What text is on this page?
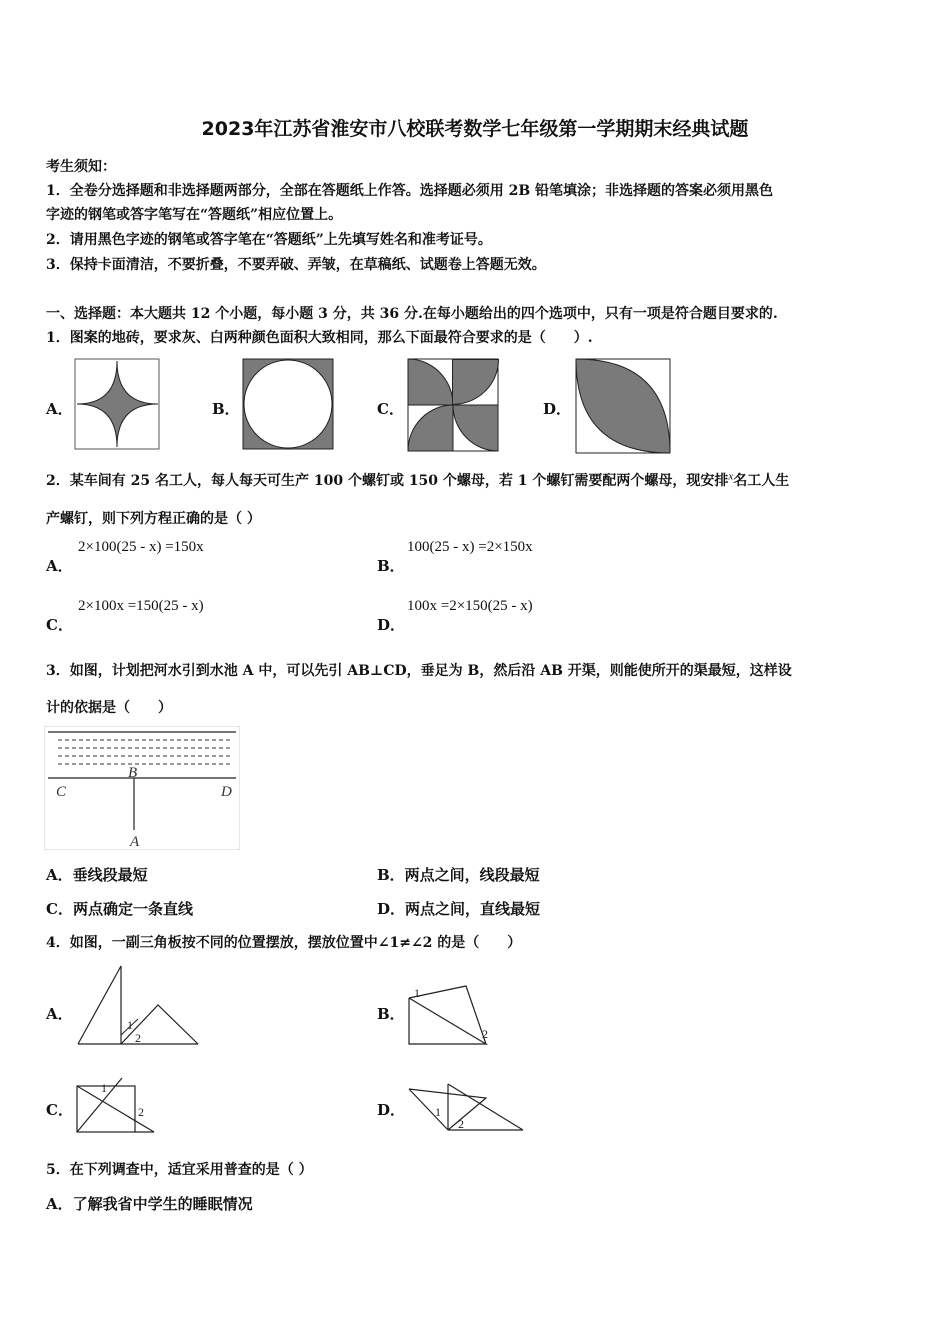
2023年江苏省淮安市八校联考数学七年级第一学期期末经典试题
考生须知：
1．全卷分选择题和非选择题两部分，全部在答题纸上作答。选择题必须用 2B 铅笔填涂；非选择题的答案必须用黑色
字迹的钢笔或答字笔写在“答题纸”相应位置上。
2．请用黑色字迹的钢笔或答字笔在“答题纸”上先填写姓名和准考证号。
3．保持卡面清洁，不要折叠，不要弄破、弄皱，在草稿纸、试题卷上答题无效。
一、选择题：本大题共 12 个小题，每小题 3 分，共 36 分.在每小题给出的四个选项中，只有一项是符合题目要求的.
1．图案的地砖，要求灰、白两种颜色面积大致相同，那么下面最符合要求的是（　　）.
A．	B．	C．	D．
2．某车间有 25 名工人，每人每天可生产 100 个螺钉或 150 个螺母，若 1 个螺钉需要配两个螺母，现安排$^x$名工人生
产螺钉，则下列方程正确的是（ ）
A．
2×100(25 - x) =150x
B．
100(25 - x) =2×150x
C．
2×100x =150(25 - x)
D．
100x =2×150(25 - x)
3．如图，计划把河水引到水池 A 中，可以先引 AB⊥CD，垂足为 B，然后沿 AB 开渠，则能使所开的渠最短，这样设
计的依据是（　　）
B
C	D
A
A．垂线段最短	B．两点之间，线段最短
C．两点确定一条直线	D．两点之间，直线最短
4．如图，一副三角板按不同的位置摆放，摆放位置中∠1≠∠2 的是（　　）
A．
1
2
B．
1
2
C．
1
2	D． 1
2
5．在下列调查中，适宜采用普查的是（ ）
A．了解我省中学生的睡眠情况
